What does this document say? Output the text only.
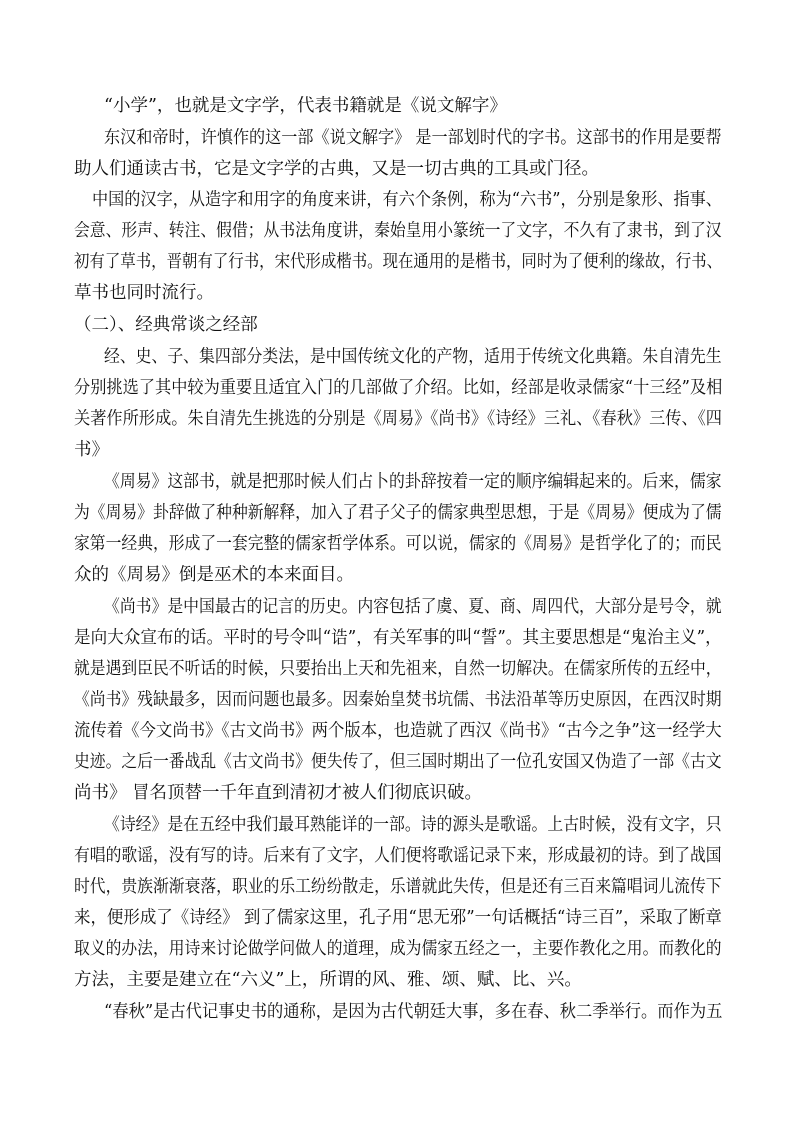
“小学”，也就是文字学，代表书籍就是《说文解字》

东汉和帝时，许慎作的这一部《说文解字》 是一部划时代的字书。这部书的作用是要帮

助人们通读古书，它是文字学的古典，又是一切古典的工具或门径。

中国的汉字，从造字和用字的角度来讲，有六个条例，称为“六书”，分别是象形、指事、

会意、形声、转注、假借；从书法角度讲，秦始皇用小篆统一了文字，不久有了隶书，到了汉

初有了草书，晋朝有了行书，宋代形成楷书。现在通用的是楷书，同时为了便利的缘故，行书、

草书也同时流行。

（二）、经典常谈之经部

经、史、子、集四部分类法，是中国传统文化的产物，适用于传统文化典籍。朱自清先生

分别挑选了其中较为重要且适宜入门的几部做了介绍。比如，经部是收录儒家“十三经”及相

关著作所形成。朱自清先生挑选的分别是《周易》《尚书》《诗经》三礼、《春秋》三传、《四

书》

《周易》这部书，就是把那时候人们占卜的卦辞按着一定的顺序编辑起来的。后来，儒家

为《周易》卦辞做了种种新解释，加入了君子父子的儒家典型思想，于是《周易》便成为了儒

家第一经典，形成了一套完整的儒家哲学体系。可以说，儒家的《周易》是哲学化了的；而民

众的《周易》倒是巫术的本来面目。

《尚书》是中国最古的记言的历史。内容包括了虞、夏、商、周四代，大部分是号令，就

是向大众宣布的话。平时的号令叫“诰”，有关军事的叫“誓”。其主要思想是“鬼治主义”，

就是遇到臣民不听话的时候，只要抬出上天和先祖来，自然一切解决。在儒家所传的五经中，

《尚书》残缺最多，因而问题也最多。因秦始皇焚书坑儒、书法沿革等历史原因，在西汉时期

流传着《今文尚书》《古文尚书》两个版本，也造就了西汉《尚书》“古今之争”这一经学大

史迹。之后一番战乱《古文尚书》便失传了，但三国时期出了一位孔安国又伪造了一部《古文

尚书》 冒名顶替一千年直到清初才被人们彻底识破。

《诗经》是在五经中我们最耳熟能详的一部。诗的源头是歌谣。上古时候，没有文字，只

有唱的歌谣，没有写的诗。后来有了文字，人们便将歌谣记录下来，形成最初的诗。到了战国

时代，贵族渐渐衰落，职业的乐工纷纷散走，乐谱就此失传，但是还有三百来篇唱词儿流传下

来，便形成了《诗经》 到了儒家这里，孔子用“思无邪”一句话概括“诗三百”，采取了断章

取义的办法，用诗来讨论做学问做人的道理，成为儒家五经之一，主要作教化之用。而教化的

方法，主要是建立在“六义”上，所谓的风、雅、颂、赋、比、兴。

“春秋”是古代记事史书的通称，是因为古代朝廷大事，多在春、秋二季举行。而作为五
